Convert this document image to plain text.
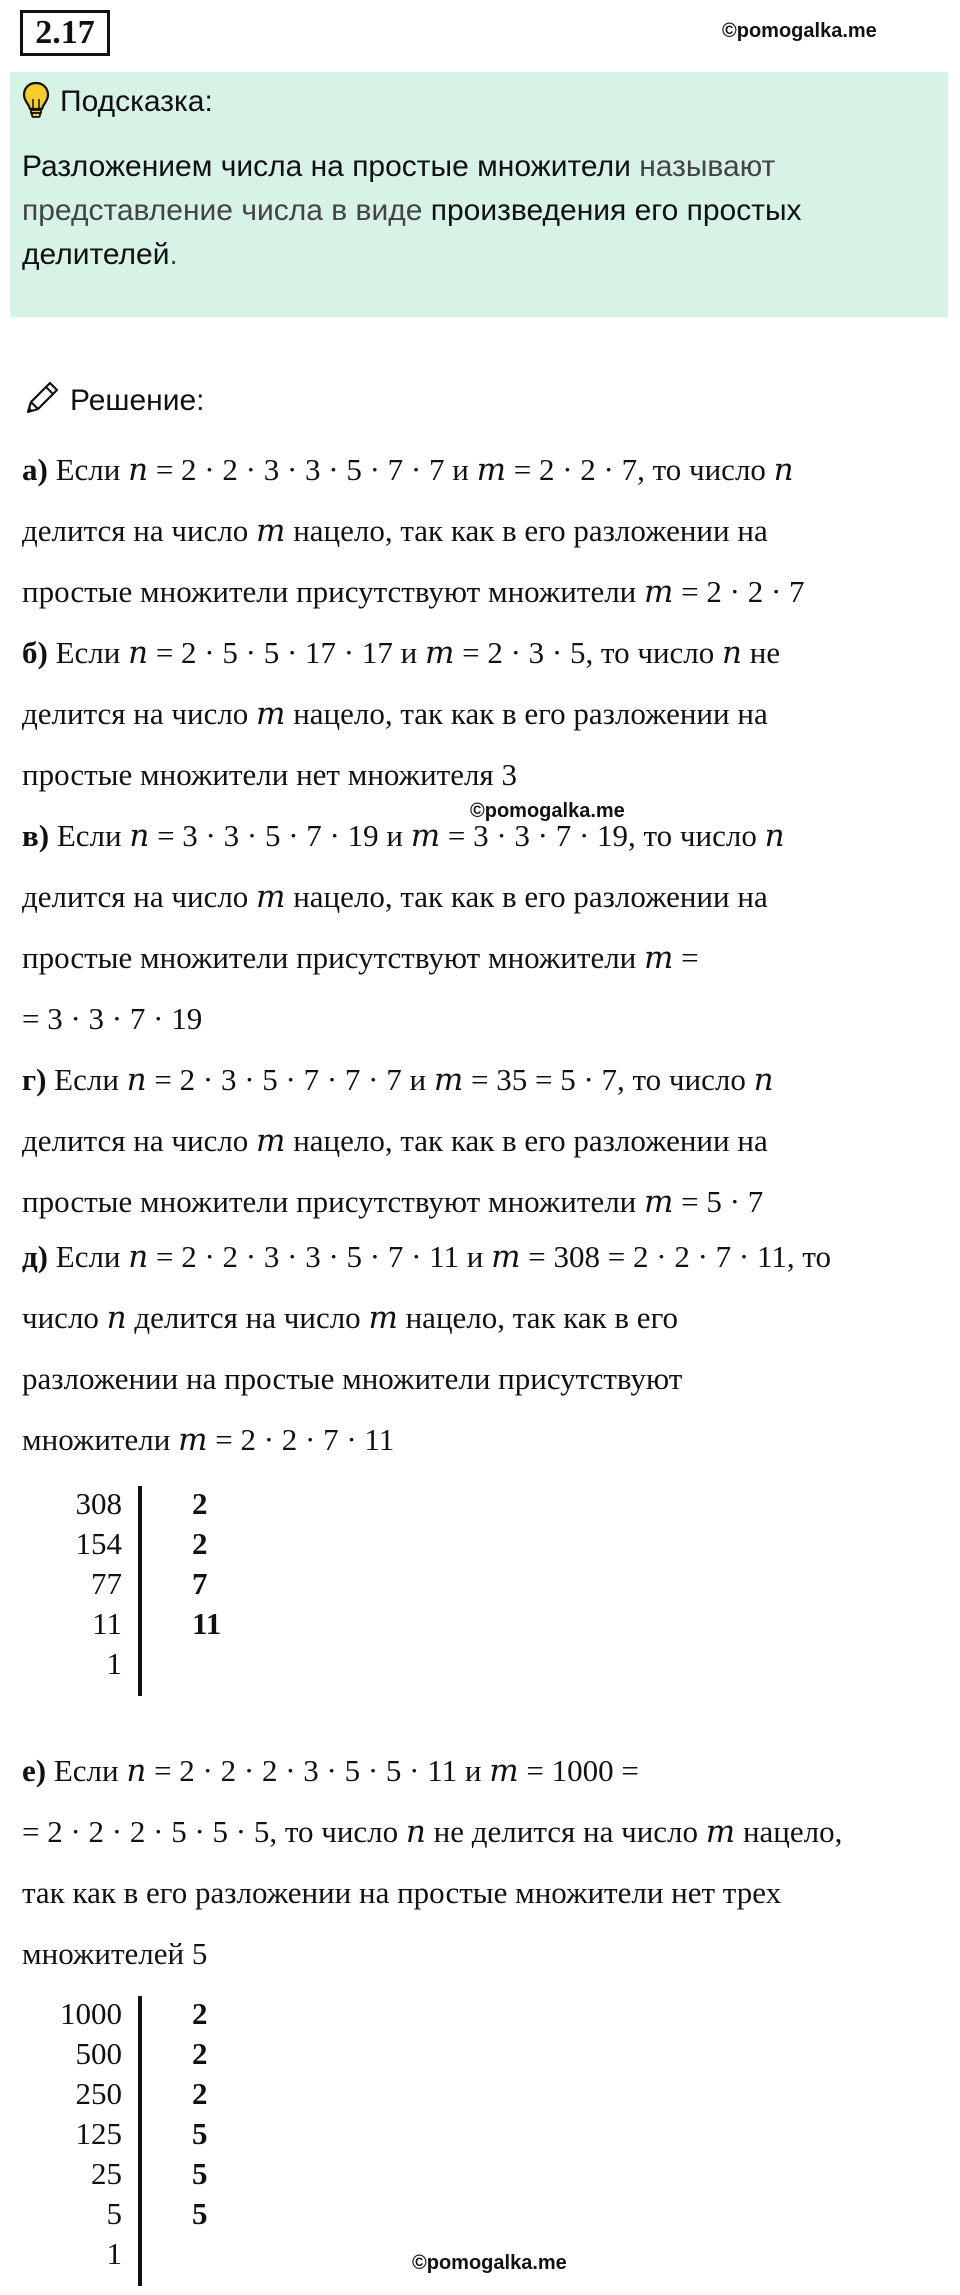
2.17	©pomogalka.me
Подсказка:
Разложением числа на простые множители называют представление числа в виде произведения его простых делителей.
Решение:
а) Если n = 2 · 2 · 3 · 3 · 5 · 7 · 7 и m = 2 · 2 · 7, то число n
делится на число m нацело, так как в его разложении на
простые множители присутствуют множители m = 2 · 2 · 7
б) Если n = 2 · 5 · 5 · 17 · 17 и m = 2 · 3 · 5, то число n не
делится на число m нацело, так как в его разложении на
простые множители нет множителя 3
©pomogalka.me
в) Если n = 3 · 3 · 5 · 7 · 19 и m = 3 · 3 · 7 · 19, то число n
делится на число m нацело, так как в его разложении на
простые множители присутствуют множители m =
= 3 · 3 · 7 · 19
г) Если n = 2 · 3 · 5 · 7 · 7 · 7 и m = 35 = 5 · 7, то число n
делится на число m нацело, так как в его разложении на
простые множители присутствуют множители m = 5 · 7
д) Если n = 2 · 2 · 3 · 3 · 5 · 7 · 11 и m = 308 = 2 · 2 · 7 · 11, то
число n делится на число m нацело, так как в его
разложении на простые множители присутствуют
множители m = 2 · 2 · 7 · 11
308 2
154 2
77 7
11 11
1
е) Если n = 2 · 2 · 2 · 3 · 5 · 5 · 11 и m = 1000 =
= 2 · 2 · 2 · 5 · 5 · 5, то число n не делится на число m нацело,
так как в его разложении на простые множители нет трех
множителей 5
1000 2
500 2
250 2
125 5
25 5
5 5
1	©pomogalka.me
